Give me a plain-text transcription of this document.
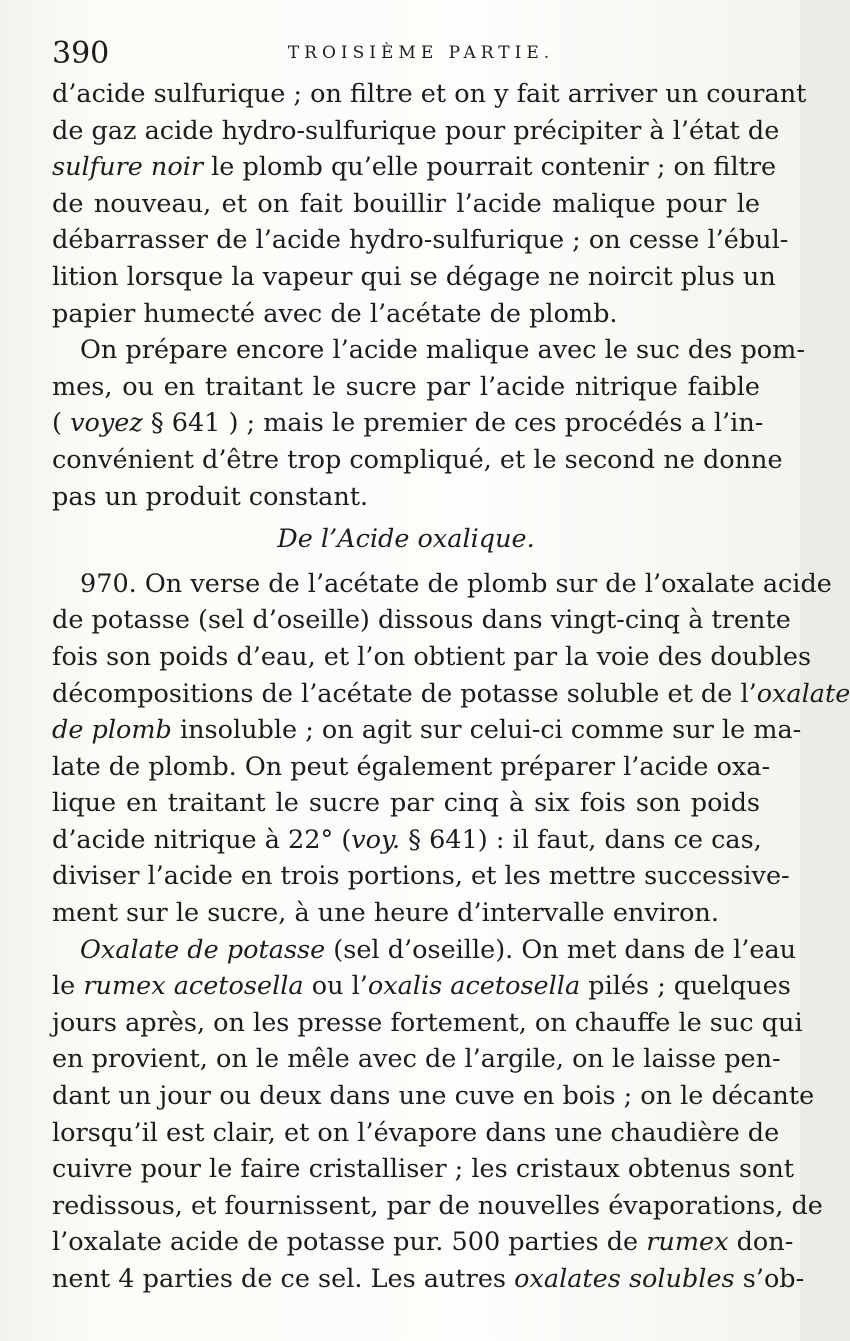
390	TROISIÈME PARTIE.
d’acide sulfurique ; on filtre et on y fait arriver un courant
de gaz acide hydro-sulfurique pour précipiter à l’état de
sulfure noir le plomb qu’elle pourrait contenir ; on filtre
de nouveau, et on fait bouillir l’acide malique pour le
débarrasser de l’acide hydro-sulfurique ; on cesse l’ébul-
lition lorsque la vapeur qui se dégage ne noircit plus un
papier humecté avec de l’acétate de plomb.
On prépare encore l’acide malique avec le suc des pom-
mes, ou en traitant le sucre par l’acide nitrique faible
( voyez § 641 ) ; mais le premier de ces procédés a l’in-
convénient d’être trop compliqué, et le second ne donne
pas un produit constant.
De l’Acide oxalique.
970. On verse de l’acétate de plomb sur de l’oxalate acide
de potasse (sel d’oseille) dissous dans vingt-cinq à trente
fois son poids d’eau, et l’on obtient par la voie des doubles
décompositions de l’acétate de potasse soluble et de l’oxalate
de plomb insoluble ; on agit sur celui-ci comme sur le ma-
late de plomb. On peut également préparer l’acide oxa-
lique en traitant le sucre par cinq à six fois son poids
d’acide nitrique à 22° (voy. § 641) : il faut, dans ce cas,
diviser l’acide en trois portions, et les mettre successive-
ment sur le sucre, à une heure d’intervalle environ.
Oxalate de potasse (sel d’oseille). On met dans de l’eau
le rumex acetosella ou l’oxalis acetosella pilés ; quelques
jours après, on les presse fortement, on chauffe le suc qui
en provient, on le mêle avec de l’argile, on le laisse pen-
dant un jour ou deux dans une cuve en bois ; on le décante
lorsqu’il est clair, et on l’évapore dans une chaudière de
cuivre pour le faire cristalliser ; les cristaux obtenus sont
redissous, et fournissent, par de nouvelles évaporations, de
l’oxalate acide de potasse pur. 500 parties de rumex don-
nent 4 parties de ce sel. Les autres oxalates solubles s’ob-
